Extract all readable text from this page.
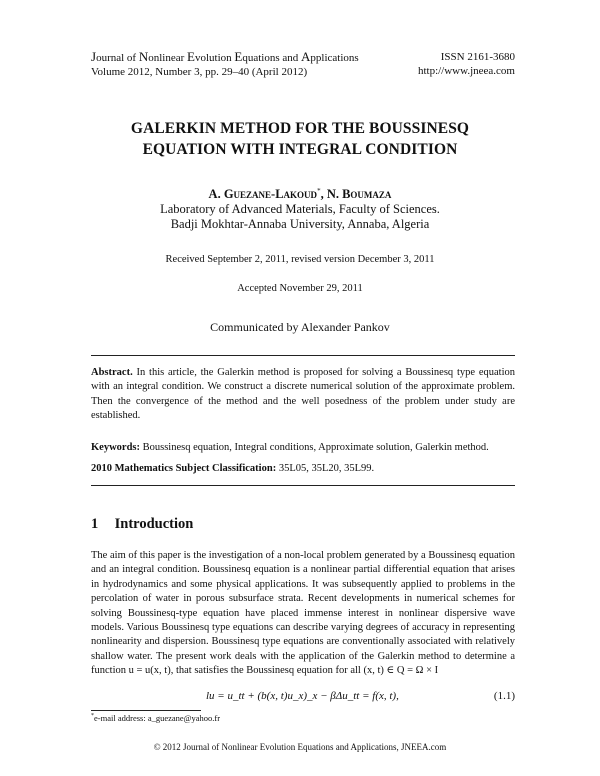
Journal of Nonlinear Evolution Equations and Applications
Volume 2012, Number 3, pp. 29–40 (April 2012)
ISSN 2161-3680
http://www.jneea.com
GALERKIN METHOD FOR THE BOUSSINESQ
EQUATION WITH INTEGRAL CONDITION
A. Guezane-Lakoud*, N. Boumaza
Laboratory of Advanced Materials, Faculty of Sciences.
Badji Mokhtar-Annaba University, Annaba, Algeria
Received September 2, 2011, revised version December 3, 2011
Accepted November 29, 2011
Communicated by Alexander Pankov
Abstract. In this article, the Galerkin method is proposed for solving a Boussinesq type equation with an integral condition. We construct a discrete numerical solution of the approximate problem. Then the convergence of the method and the well posedness of the problem under study are established.
Keywords: Boussinesq equation, Integral conditions, Approximate solution, Galerkin method.
2010 Mathematics Subject Classification: 35L05, 35L20, 35L99.
1 Introduction
The aim of this paper is the investigation of a non-local problem generated by a Boussinesq equation and an integral condition. Boussinesq equation is a nonlinear partial differential equation that arises in hydrodynamics and some physical applications. It was subsequently applied to problems in the percolation of water in porous subsurface strata. Recent developments in numerical schemes for solving Boussinesq-type equation have placed immense interest in nonlinear dispersive wave models. Various Boussinesq type equations can describe varying degrees of accuracy in representing nonlinearity and dispersion. Boussinesq type equations are conventionally associated with relatively shallow water. The present work deals with the application of the Galerkin method to determine a function u = u(x, t), that satisfies the Boussinesq equation for all (x, t) ∈ Q = Ω × I
lu = u_tt + (b(x, t)u_x)_x − βΔu_tt = f(x, t),	(1.1)
*e-mail address: a_guezane@yahoo.fr
© 2012 Journal of Nonlinear Evolution Equations and Applications, JNEEA.com
